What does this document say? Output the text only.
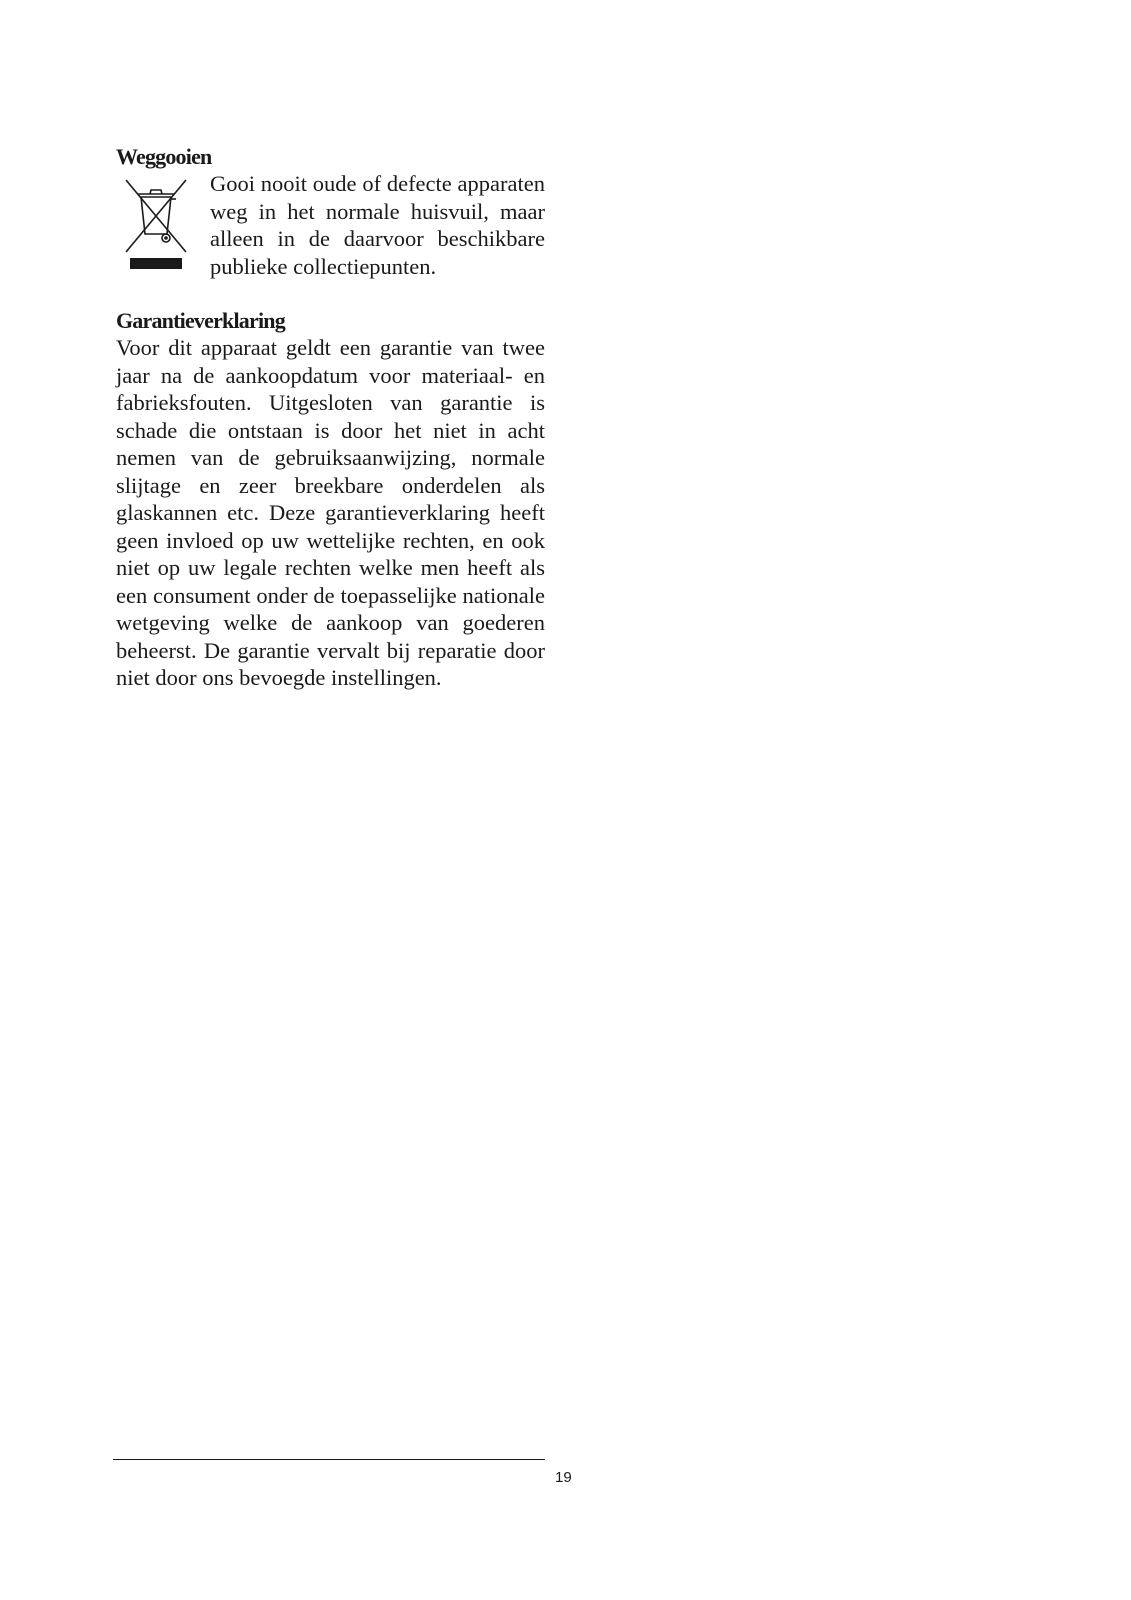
Weggooien

Gooi nooit oude of defecte apparaten weg in het normale huisvuil, maar alleen in de daarvoor beschikbare publieke collectiepunten.

Garantieverklaring

Voor dit apparaat geldt een garantie van twee jaar na de aankoopdatum voor materiaal- en fabrieksfouten. Uitgesloten van garantie is schade die ontstaan is door het niet in acht nemen van de gebruiksaanwijzing, normale slijtage en zeer breekbare onderdelen als glaskannen etc. Deze garantieverklaring heeft geen invloed op uw wettelijke rechten, en ook niet op uw legale rechten welke men heeft als een consument onder de toepasselijke nationale wetgeving welke de aankoop van goederen beheerst. De garantie vervalt bij reparatie door niet door ons bevoegde instellingen.

19
